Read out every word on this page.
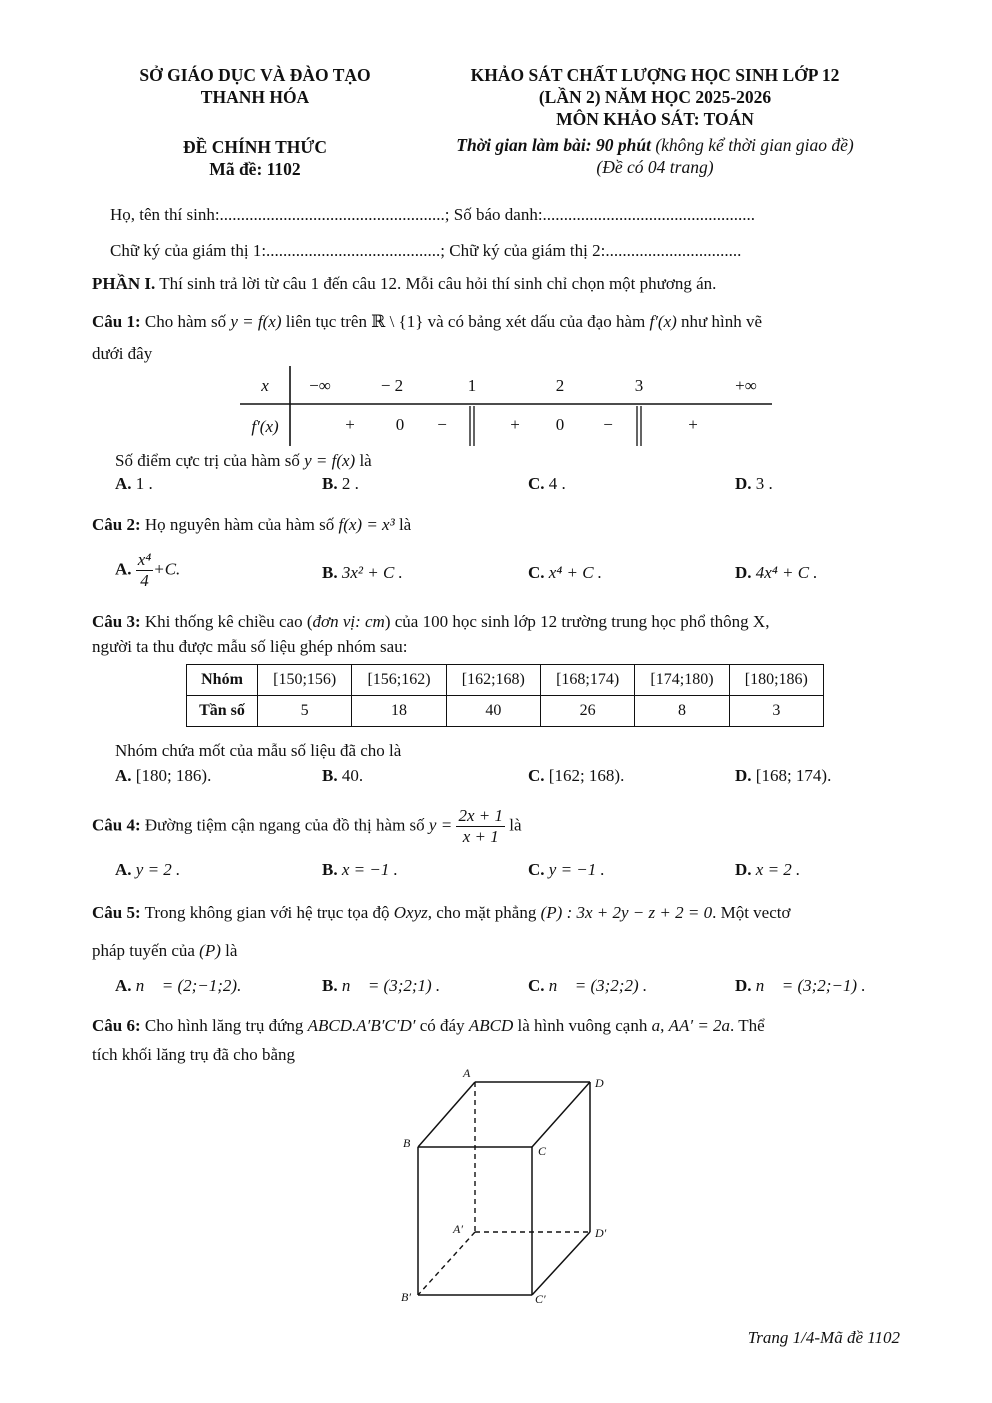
SỞ GIÁO DỤC VÀ ĐÀO TẠO
THANH HÓA
ĐỀ CHÍNH THỨC
Mã đề: 1102
KHẢO SÁT CHẤT LƯỢNG HỌC SINH LỚP 12
(LẦN 2) NĂM HỌC 2025-2026
MÔN KHẢO SÁT: TOÁN
Thời gian làm bài: 90 phút (không kể thời gian giao đề)
(Đề có 04 trang)
Họ, tên thí sinh:.....................................................; Số báo danh:..................................................
Chữ ký của giám thị 1:.........................................; Chữ ký của giám thị 2:................................
PHẦN I. Thí sinh trả lời từ câu 1 đến câu 12. Mỗi câu hỏi thí sinh chỉ chọn một phương án.
Câu 1: Cho hàm số y = f(x) liên tục trên ℝ \ {1} và có bảng xét dấu của đạo hàm f′(x) như hình vẽ
dưới đây
x −∞	− 2	1	2	3	+∞
f′(x)	+ 0 −	+ 0 −	+
Số điểm cực trị của hàm số y = f(x) là
A. 1 .	B. 2 .	C. 4 .	D. 3 .
Câu 2: Họ nguyên hàm của hàm số f(x) = x³ là
A. $\frac{\text{x⁴}}{4} +C$.	B. 3x² + C .	C. x⁴ + C .	D. 4x⁴ + C .
Câu 3: Khi thống kê chiều cao (đơn vị: cm) của 100 học sinh lớp 12 trường trung học phổ thông X,
người ta thu được mẫu số liệu ghép nhóm sau:
Nhóm	[150;156)	[156;162)	[162;168)	[168;174)	[174;180)	[180;186)
Tần số	5	18	40	26	8	3
Nhóm chứa mốt của mẫu số liệu đã cho là
A. [180; 186).	B. 40.	C. [162; 168).	D. [168; 174).
Câu 4: Đường tiệm cận ngang của đồ thị hàm số $y = \frac{2x + 1}{x + 1}$ là
A. y = 2 .	B. x = −1 .	C. y = −1 .	D. x = 2 .
Câu 5: Trong không gian với hệ trục tọa độ Oxyz, cho mặt phẳng (P) : 3x + 2y − z + 2 = 0. Một vectơ
pháp tuyến của (P) là
A. n⃗ = (2;−1;2).	B. n⃗ = (3;2;1) .	C. n⃗ = (3;2;2) .	D. n⃗ = (3;2;−1) .
Câu 6: Cho hình lăng trụ đứng ABCD.A′B′C′D′ có đáy ABCD là hình vuông cạnh a, AA′ = 2a. Thể
tích khối lăng trụ đã cho bằng
A
D
B
C
A′	D′
B′	C′
Trang 1/4-Mã đề 1102
